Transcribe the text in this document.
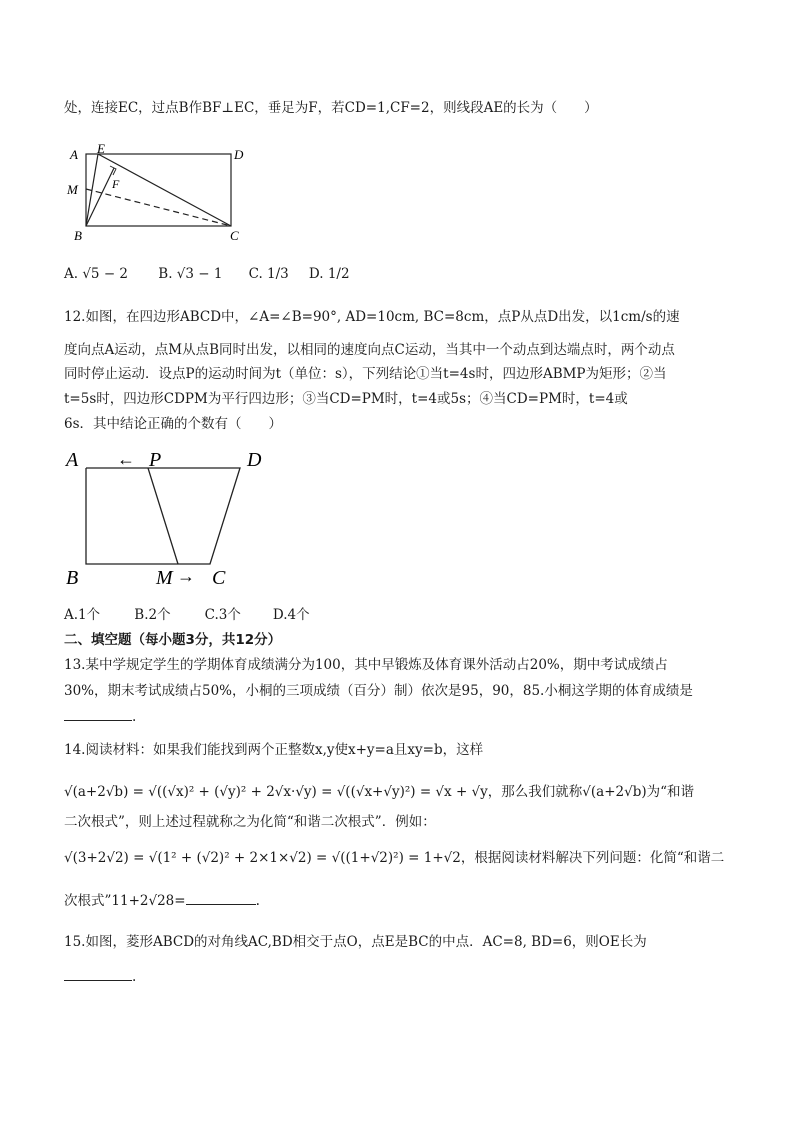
处，连接EC，过点B作BF⊥EC，垂足为F，若CD=1,CF=2，则线段AE的长为（　　）
A E	D
M	F
B	C
A. √5 − 2 B. √3 − 1 C. 1/3 D. 1/2
12.如图，在四边形ABCD中，∠A=∠B=90°, AD=10cm, BC=8cm，点P从点D出发，以1cm/s的速
度向点A运动，点M从点B同时出发，以相同的速度向点C运动，当其中一个动点到达端点时，两个动点
同时停止运动．设点P的运动时间为t（单位：s），下列结论①当t=4s时，四边形ABMP为矩形；②当
t=5s时，四边形CDPM为平行四边形；③当CD=PM时，t=4或5s；④当CD=PM时，t=4或
6s．其中结论正确的个数有（　　）
A ← P	D
B	M → C
A.1个	B.2个	C.3个 D.4个
二、填空题（每小题3分，共12分）
13.某中学规定学生的学期体育成绩满分为100，其中早锻炼及体育课外活动占20%，期中考试成绩占
30%，期末考试成绩占50%，小桐的三项成绩（百分）制）依次是95，90，85.小桐这学期的体育成绩是
.
14.阅读材料：如果我们能找到两个正整数x,y使x+y=a且xy=b，这样
√(a+2√b) = √((√x)² + (√y)² + 2√x·√y) = √((√x+√y)²) = √x + √y，那么我们就称√(a+2√b)为“和谐
二次根式”，则上述过程就称之为化简“和谐二次根式”．例如：
√(3+2√2) = √(1² + (√2)² + 2×1×√2) = √((1+√2)²) = 1+√2，根据阅读材料解决下列问题：化简“和谐二
次根式”11+2√28=	.
15.如图，菱形ABCD的对角线AC,BD相交于点O，点E是BC的中点．AC=8, BD=6，则OE长为
.
